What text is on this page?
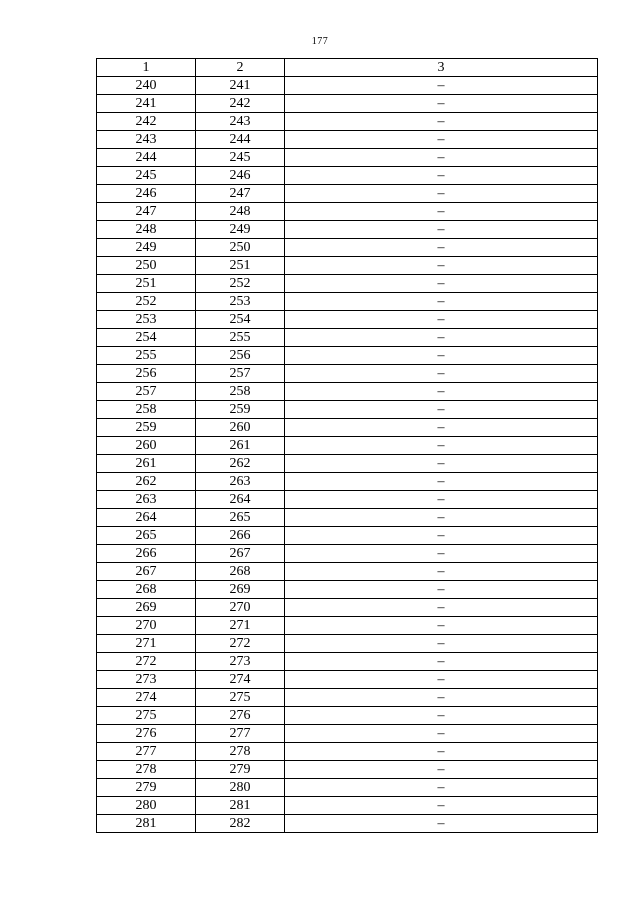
177
1	2	3
240	241	–
241	242	–
242	243	–
243	244	–
244	245	–
245	246	–
246	247	–
247	248	–
248	249	–
249	250	–
250	251	–
251	252	–
252	253	–
253	254	–
254	255	–
255	256	–
256	257	–
257	258	–
258	259	–
259	260	–
260	261	–
261	262	–
262	263	–
263	264	–
264	265	–
265	266	–
266	267	–
267	268	–
268	269	–
269	270	–
270	271	–
271	272	–
272	273	–
273	274	–
274	275	–
275	276	–
276	277	–
277	278	–
278	279	–
279	280	–
280	281	–
281	282	–
